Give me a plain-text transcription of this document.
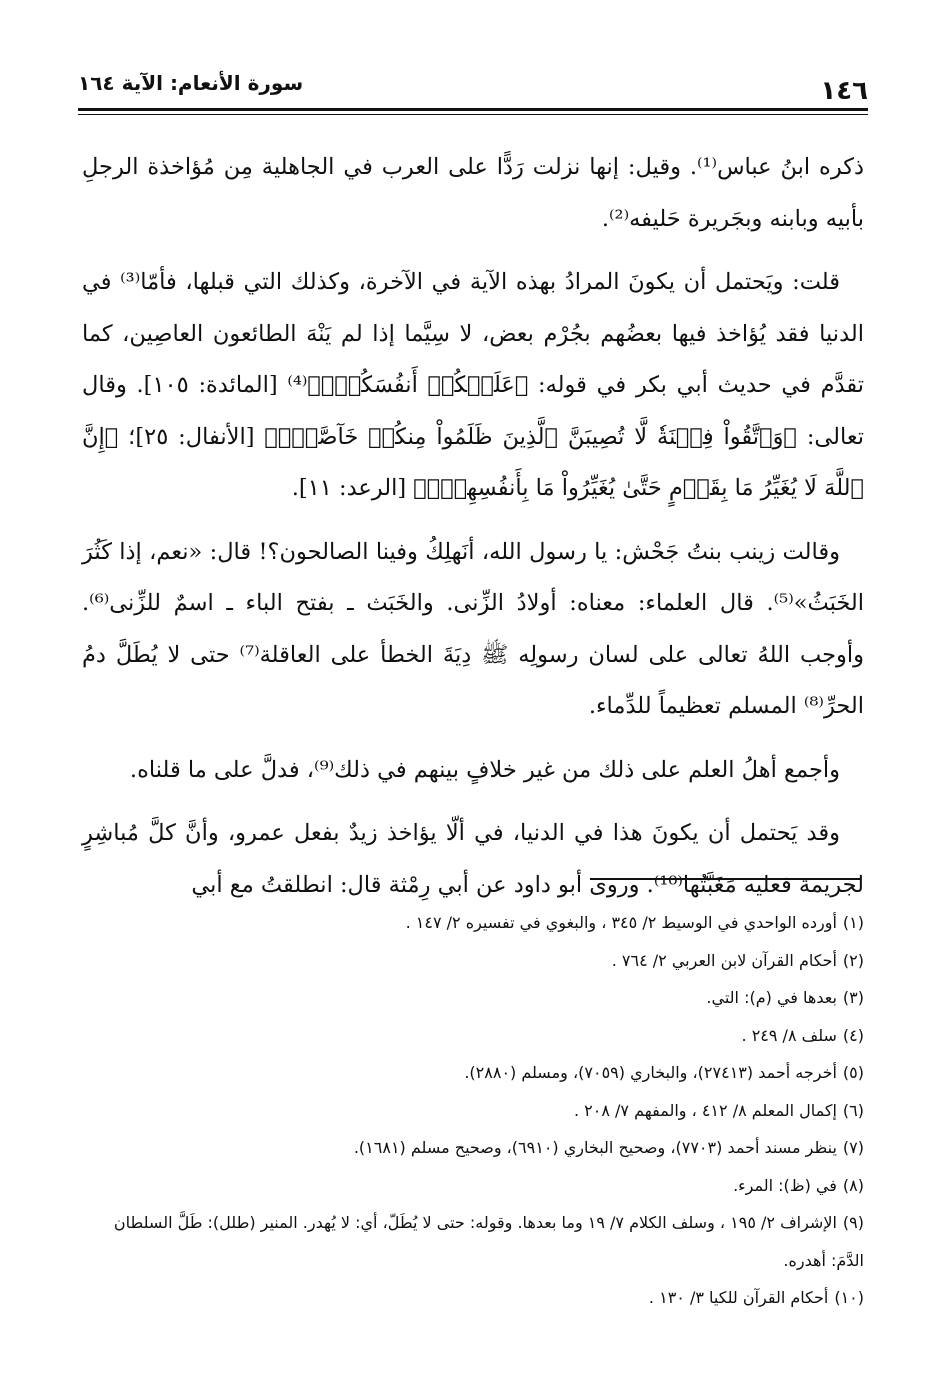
١٤٦
سورة الأنعام: الآية ١٦٤

ذكره ابنُ عباس⁽¹⁾. وقيل: إنها نزلت رَدًّا على العرب في الجاهلية مِن مُؤاخذة الرجلِ بأبيه وبابنه وبجَريرة حَليفه⁽²⁾.

قلت: ويَحتمل أن يكونَ المرادُ بهذه الآية في الآخرة، وكذلك التي قبلها، فأمّا⁽³⁾ في الدنيا فقد يُؤاخذ فيها بعضُهم بجُرْم بعض، لا سِيَّما إذا لم يَنْهَ الطائعون العاصِين، كما تقدَّم في حديث أبي بكر في قوله: ﴿عَلَيۡكُمۡ أَنفُسَكُمۡۖ﴾⁽⁴⁾ [المائدة: ١٠٥]. وقال تعالى: ﴿وَٱتَّقُواْ فِتۡنَةٗ لَّا تُصِيبَنَّ ٱلَّذِينَ ظَلَمُواْ مِنكُمۡ خَآصَّةٗۖ﴾ [الأنفال: ٢٥]؛ ﴿إِنَّ ٱللَّهَ لَا يُغَيِّرُ مَا بِقَوۡمٍ حَتَّىٰ يُغَيِّرُواْ مَا بِأَنفُسِهِمۡۗ﴾ [الرعد: ١١].

وقالت زينب بنتُ جَحْش: يا رسول الله، أنَهلِكُ وفينا الصالحون؟! قال: «نعم، إذا كَثُرَ الخَبَثُ»⁽⁵⁾. قال العلماء: معناه: أولادُ الزِّنى. والخَبَث ـ بفتح الباء ـ اسمٌ للزِّنى⁽⁶⁾. وأوجب اللهُ تعالى على لسان رسولِه ﷺ دِيَةَ الخطأ على العاقلة⁽⁷⁾ حتى لا يُطَلَّ دمُ الحرِّ⁽⁸⁾ المسلم تعظيماً للدِّماء.

وأجمع أهلُ العلم على ذلك من غير خلافٍ بينهم في ذلك⁽⁹⁾، فدلَّ على ما قلناه.

وقد يَحتمل أن يكونَ هذا في الدنيا، في ألّا يؤاخذ زيدٌ بفعل عمرو، وأنَّ كلَّ مُباشِرٍ لجريمة فعليه مَغَبَّتُها⁽¹⁰⁾. وروى أبو داود عن أبي رِمْثة قال: انطلقتُ مع أبي

(١)أورده الواحدي في الوسيط ٢/ ٣٤٥ ، والبغوي في تفسيره ٢/ ١٤٧ .

(٢)أحكام القرآن لابن العربي ٢/ ٧٦٤ .

(٣)بعدها في (م): التي.

(٤)سلف ٨/ ٢٤٩ .

(٥)أخرجه أحمد (٢٧٤١٣)، والبخاري (٧٠٥٩)، ومسلم (٢٨٨٠).

(٦)إكمال المعلم ٨/ ٤١٢ ، والمفهم ٧/ ٢٠٨ .

(٧)ينظر مسند أحمد (٧٧٠٣)، وصحيح البخاري (٦٩١٠)، وصحيح مسلم (١٦٨١).

(٨)في (ظ): المرء.

(٩)الإشراف ٢/ ١٩٥ ، وسلف الكلام ٧/ ١٩ وما بعدها. وقوله: حتى لا يُطَلّ، أي: لا يُهدر. المنير (طلل): طَلَّ السلطان الدَّمَ: أهدره.

(١٠)أحكام القرآن للكيا ٣/ ١٣٠ .
